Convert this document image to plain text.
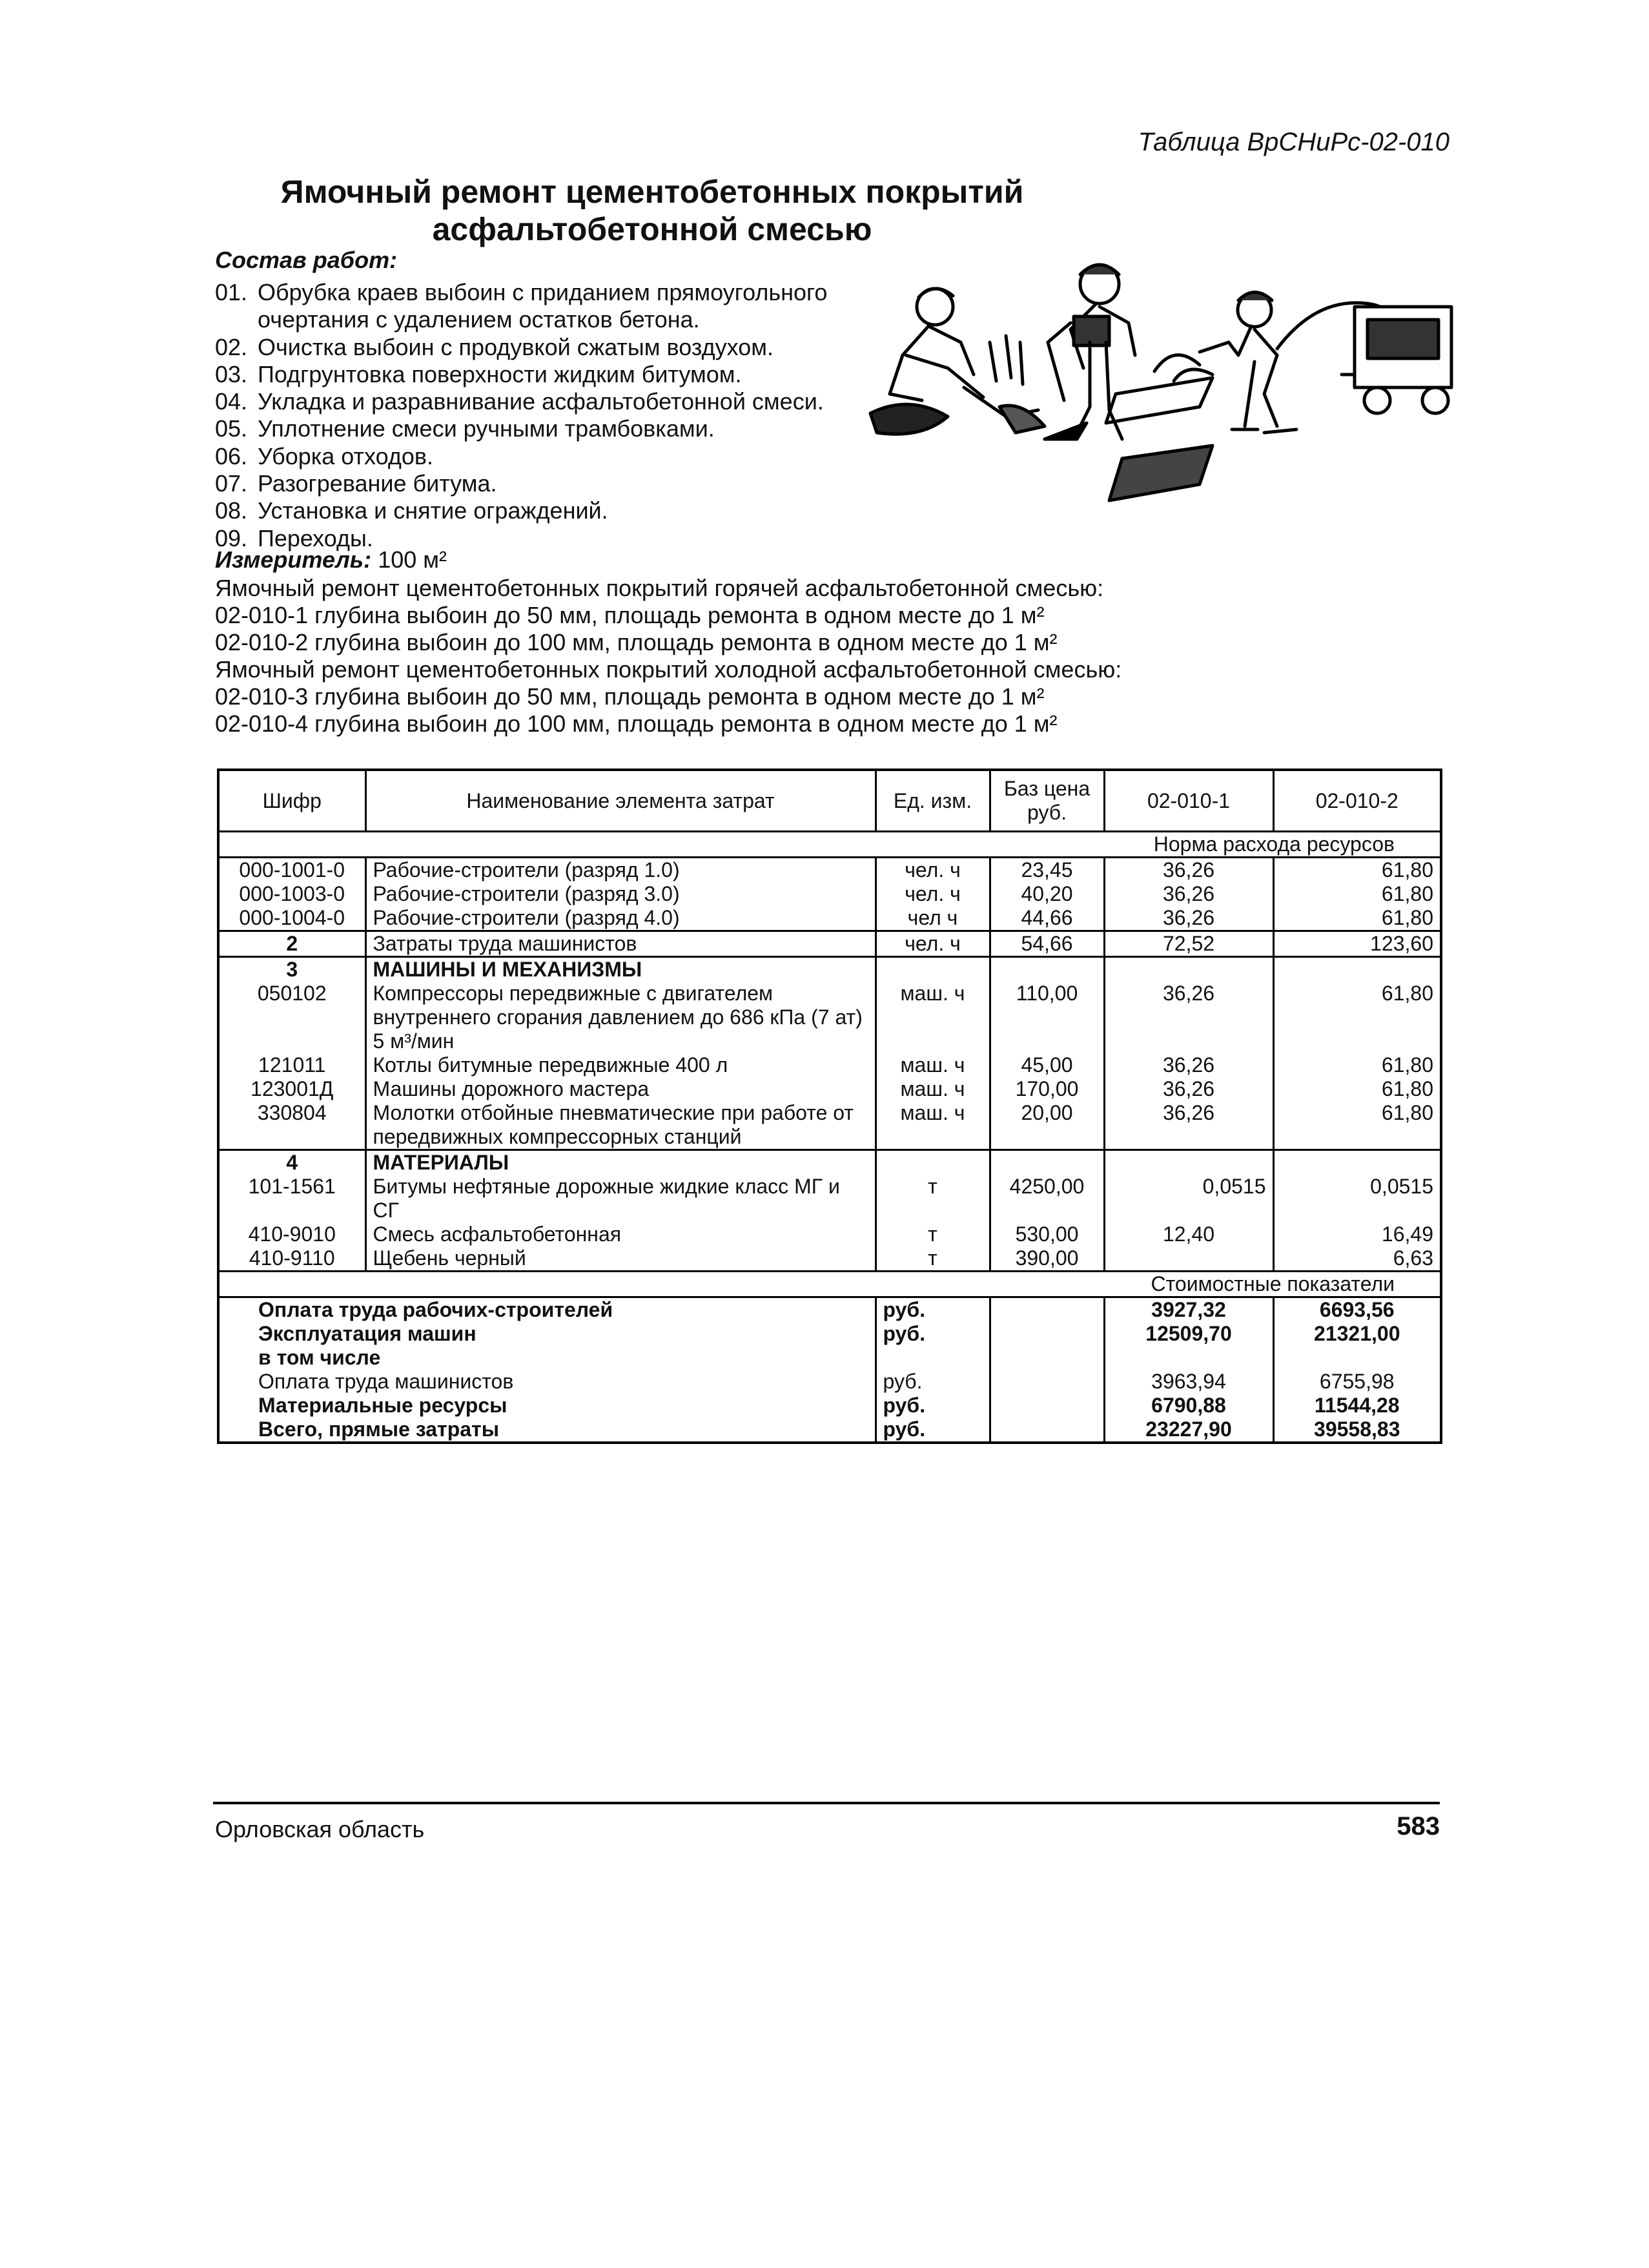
Таблица ВрСНиРс-02-010
Ямочный ремонт цементобетонных покрытий
асфальтобетонной смесью
Состав работ:
01. Обрубка краев выбоин с приданием прямоугольного очертания с удалением остатков бетона.
02. Очистка выбоин с продувкой сжатым воздухом.
03. Подгрунтовка поверхности жидким битумом.
04. Укладка и разравнивание асфальтобетонной смеси.
05. Уплотнение смеси ручными трамбовками.
06. Уборка отходов.
07. Разогревание битума.
08. Установка и снятие ограждений.
09. Переходы.
Измеритель: 100 м²
Ямочный ремонт цементобетонных покрытий горячей асфальтобетонной смесью:
02-010-1 глубина выбоин до 50 мм, площадь ремонта в одном месте до 1 м²
02-010-2 глубина выбоин до 100 мм, площадь ремонта в одном месте до 1 м²
Ямочный ремонт цементобетонных покрытий холодной асфальтобетонной смесью:
02-010-3 глубина выбоин до 50 мм, площадь ремонта в одном месте до 1 м²
02-010-4 глубина выбоин до 100 мм, площадь ремонта в одном месте до 1 м²
Шифр	Наименование элемента затрат	Ед. изм.	Баз цена руб.	02-010-1	02-010-2
Норма расхода ресурсов					
000-1001-0	Рабочие-строители (разряд 1.0)	чел. ч	23,45	36,26	61,80
000-1003-0	Рабочие-строители (разряд 3.0)	чел. ч	40,20	36,26	61,80
000-1004-0	Рабочие-строители (разряд 4.0)	чел ч	44,66	36,26	61,80
2	Затраты труда машинистов	чел. ч	54,66	72,52	123,60
3	МАШИНЫ И МЕХАНИЗМЫ				
050102	Компрессоры передвижные с двигателем внутреннего сгорания давлением до 686 кПа (7 ат) 5 м³/мин	маш. ч	110,00	36,26	61,80
121011	Котлы битумные передвижные 400 л	маш. ч	45,00	36,26	61,80
123001Д	Машины дорожного мастера	маш. ч	170,00	36,26	61,80
330804	Молотки отбойные пневматические при работе от передвижных компрессорных станций	маш. ч	20,00	36,26	61,80
4	МАТЕРИАЛЫ				
101-1561	Битумы нефтяные дорожные жидкие класс МГ и СГ	т	4250,00	0,0515	0,0515
410-9010	Смесь асфальтобетонная	т	530,00	12,40	16,49
410-9110	Щебень черный	т	390,00		6,63
Стоимостные показатели					
Оплата труда рабочих-строителей		руб.		3927,32	6693,56
Эксплуатация машин		руб.		12509,70	21321,00
в том числе					
Оплата труда машинистов		руб.		3963,94	6755,98
Материальные ресурсы		руб.		6790,88	11544,28
Всего, прямые затраты		руб.		23227,90	39558,83
Орловская область	583
